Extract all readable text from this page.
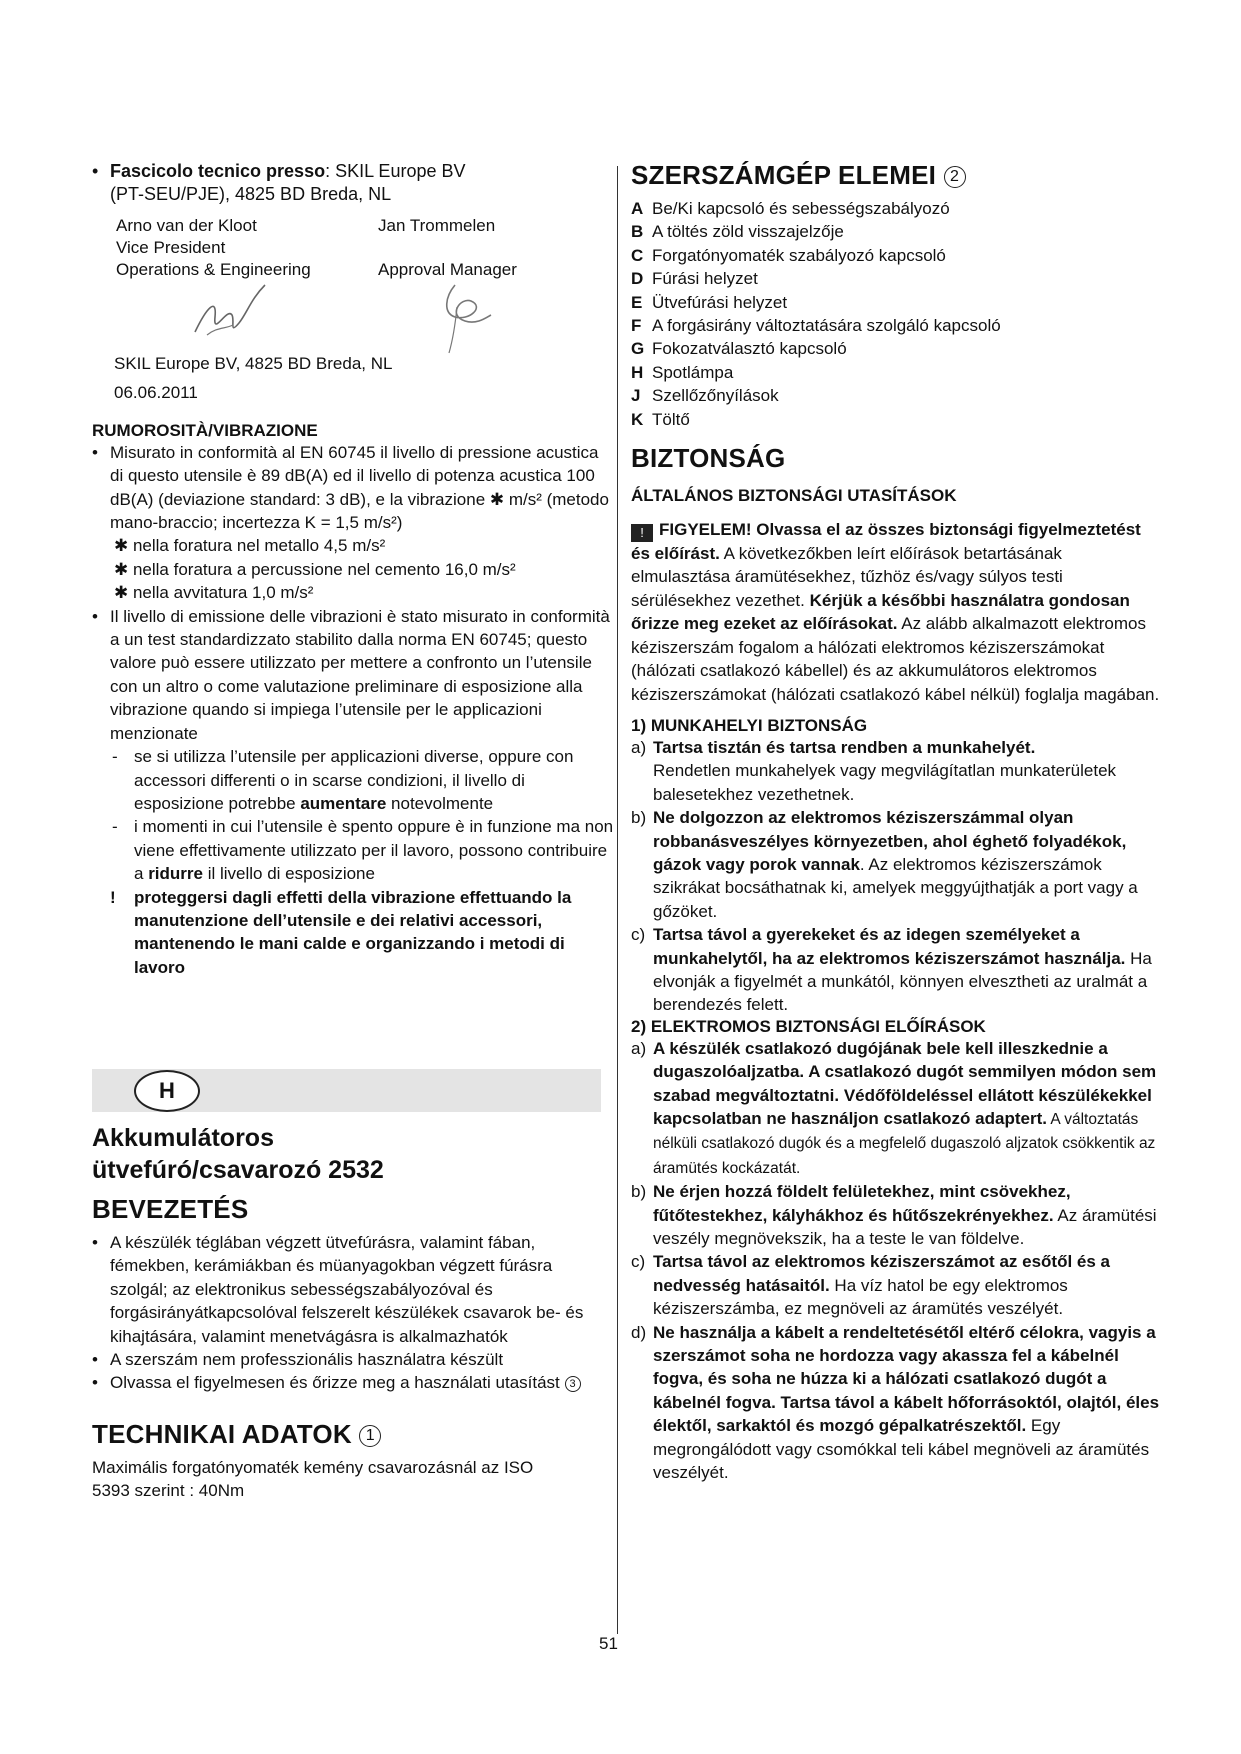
• Fascicolo tecnico presso: SKIL Europe BV
(PT-SEU/PJE), 4825 BD Breda, NL
Arno van der Kloot
Vice President
Operations & Engineering
Jan Trommelen
Approval Manager
SKIL Europe BV, 4825 BD Breda, NL
06.06.2011
RUMOROSITÀ/VIBRAZIONE
• Misurato in conformità al EN 60745 il livello di pressione acustica di questo utensile è 89 dB(A) ed il livello di potenza acustica 100 dB(A) (deviazione standard: 3 dB), e la vibrazione ✱ m/s² (metodo mano-braccio; incertezza K = 1,5 m/s²)
✱ nella foratura nel metallo 4,5 m/s²
✱ nella foratura a percussione nel cemento 16,0 m/s²
✱ nella avvitatura 1,0 m/s²
• Il livello di emissione delle vibrazioni è stato misurato in conformità a un test standardizzato stabilito dalla norma EN 60745; questo valore può essere utilizzato per mettere a confronto un l’utensile con un altro o come valutazione preliminare di esposizione alla vibrazione quando si impiega l’utensile per le applicazioni menzionate
- se si utilizza l’utensile per applicazioni diverse, oppure con accessori differenti o in scarse condizioni, il livello di esposizione potrebbe aumentare notevolmente
- i momenti in cui l’utensile è spento oppure è in funzione ma non viene effettivamente utilizzato per il lavoro, possono contribuire a ridurre il livello di esposizione
! proteggersi dagli effetti della vibrazione effettuando la manutenzione dell’utensile e dei relativi accessori, mantenendo le mani calde e organizzando i metodi di lavoro
H
Akkumulátoros
ütvefúró/csavarozó 2532
BEVEZETÉS
• A készülék téglában végzett ütvefúrásra, valamint fában, fémekben, kerámiákban és müanyagokban végzett fúrásra szolgál; az elektronikus sebességszabályozóval és forgásirányátkapcsolóval felszerelt készülékek csavarok be- és kihajtására, valamint menetvágásra is alkalmazhatók
• A szerszám nem professzionális használatra készült
• Olvassa el figyelmesen és őrizze meg a használati utasítást 3
TECHNIKAI ADATOK 1
Maximális forgatónyomaték kemény csavarozásnál az ISO 5393 szerint : 40Nm
SZERSZÁMGÉP ELEMEI 2
A Be/Ki kapcsoló és sebességszabályozó
B A töltés zöld visszajelzője
C Forgatónyomaték szabályozó kapcsoló
D Fúrási helyzet
E Ütvefúrási helyzet
F A forgásirány változtatására szolgáló kapcsoló
G Fokozatválasztó kapcsoló
H Spotlámpa
J Szellőzőnyílások
K Töltő
BIZTONSÁG
ÁLTALÁNOS BIZTONSÁGI UTASÍTÁSOK
! FIGYELEM! Olvassa el az összes biztonsági figyelmeztetést és előírást. A következőkben leírt előírások betartásának elmulasztása áramütésekhez, tűzhöz és/vagy súlyos testi sérülésekhez vezethet. Kérjük a későbbi használatra gondosan őrizze meg ezeket az előírásokat. Az alább alkalmazott elektromos kéziszerszám fogalom a hálózati elektromos kéziszerszámokat (hálózati csatlakozó kábellel) és az akkumulátoros elektromos kéziszerszámokat (hálózati csatlakozó kábel nélkül) foglalja magában.
1) MUNKAHELYI BIZTONSÁG
a) Tartsa tisztán és tartsa rendben a munkahelyét.
Rendetlen munkahelyek vagy megvilágítatlan munkaterületek balesetekhez vezethetnek.
b) Ne dolgozzon az elektromos kéziszerszámmal olyan robbanásveszélyes környezetben, ahol éghető folyadékok, gázok vagy porok vannak. Az elektromos kéziszerszámok szikrákat bocsáthatnak ki, amelyek meggyújthatják a port vagy a gőzöket.
c) Tartsa távol a gyerekeket és az idegen személyeket a munkahelytől, ha az elektromos kéziszerszámot használja. Ha elvonják a figyelmét a munkától, könnyen elvesztheti az uralmát a berendezés felett.
2) ELEKTROMOS BIZTONSÁGI ELŐÍRÁSOK
a) A készülék csatlakozó dugójának bele kell illeszkednie a dugaszolóaljzatba. A csatlakozó dugót semmilyen módon sem szabad megváltoztatni. Védőföldeléssel ellátott készülékekkel kapcsolatban ne használjon csatlakozó adaptert. A változtatás nélküli csatlakozó dugók és a megfelelő dugaszoló aljzatok csökkentik az áramütés kockázatát.
b) Ne érjen hozzá földelt felületekhez, mint csövekhez, fűtőtestekhez, kályhákhoz és hűtőszekrényekhez. Az áramütési veszély megnövekszik, ha a teste le van földelve.
c) Tartsa távol az elektromos kéziszerszámot az esőtől és a nedvesség hatásaitól. Ha víz hatol be egy elektromos kéziszerszámba, ez megnöveli az áramütés veszélyét.
d) Ne használja a kábelt a rendeltetésétől eltérő célokra, vagyis a szerszámot soha ne hordozza vagy akassza fel a kábelnél fogva, és soha ne húzza ki a hálózati csatlakozó dugót a kábelnél fogva. Tartsa távol a kábelt hőforrásoktól, olajtól, éles élektől, sarkaktól és mozgó gépalkatrészektől. Egy megrongálódott vagy csomókkal teli kábel megnöveli az áramütés veszélyét.
51
